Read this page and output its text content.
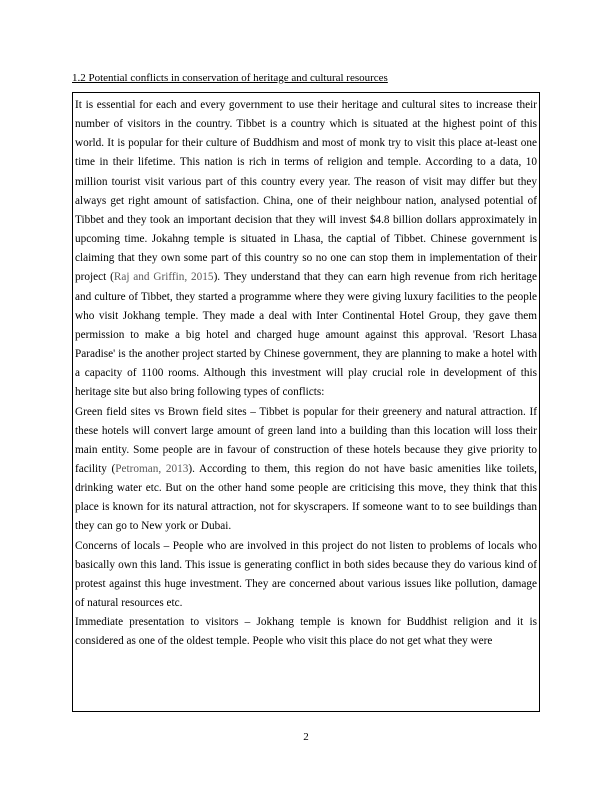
1.2 Potential conflicts in conservation of heritage and cultural resources

It is essential for each and every government to use their heritage and cultural sites to increase their number of visitors in the country. Tibbet is a country which is situated at the highest point of this world. It is popular for their culture of Buddhism and most of monk try to visit this place at-least one time in their lifetime. This nation is rich in terms of religion and temple. According to a data, 10 million tourist visit various part of this country every year. The reason of visit may differ but they always get right amount of satisfaction. China, one of their neighbour nation, analysed potential of Tibbet and they took an important decision that they will invest $4.8 billion dollars approximately in upcoming time. Jokahng temple is situated in Lhasa, the captial of Tibbet. Chinese government is claiming that they own some part of this country so no one can stop them in implementation of their project (Raj and Griffin, 2015). They understand that they can earn high revenue from rich heritage and culture of Tibbet, they started a programme where they were giving luxury facilities to the people who visit Jokhang temple. They made a deal with Inter Continental Hotel Group, they gave them permission to make a big hotel and charged huge amount against this approval. 'Resort Lhasa Paradise' is the another project started by Chinese government, they are planning to make a hotel with a capacity of 1100 rooms. Although this investment will play crucial role in development of this heritage site but also bring following types of conflicts:

Green field sites vs Brown field sites – Tibbet is popular for their greenery and natural attraction. If these hotels will convert large amount of green land into a building than this location will loss their main entity. Some people are in favour of construction of these hotels because they give priority to facility (Petroman, 2013). According to them, this region do not have basic amenities like toilets, drinking water etc. But on the other hand some people are criticising this move, they think that this place is known for its natural attraction, not for skyscrapers. If someone want to to see buildings than they can go to New york or Dubai.

Concerns of locals – People who are involved in this project do not listen to problems of locals who basically own this land. This issue is generating conflict in both sides because they do various kind of protest against this huge investment. They are concerned about various issues like pollution, damage of natural resources etc.

Immediate presentation to visitors – Jokhang temple is known for Buddhist religion and it is considered as one of the oldest temple. People who visit this place do not get what they were

2
